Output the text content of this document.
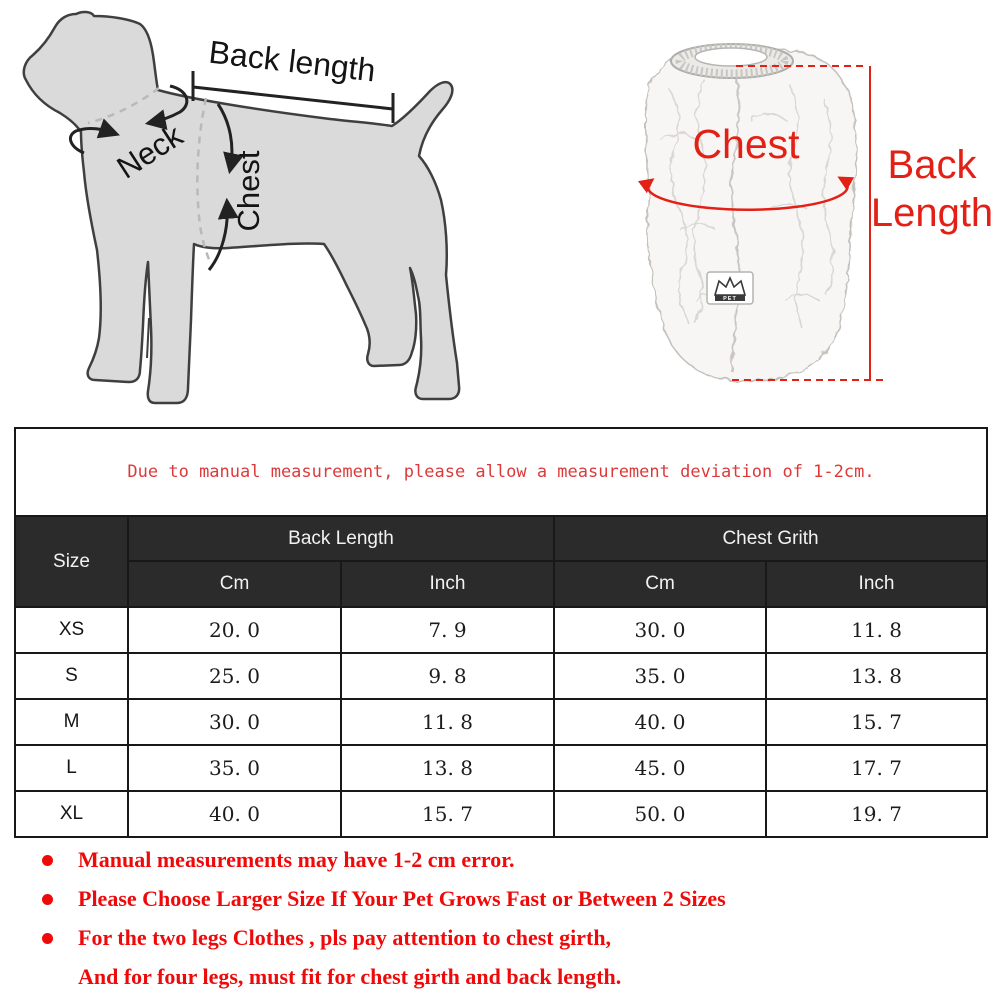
Back length
Neck Chest
PET
Chest Back
Length
Due to manual measurement, please allow a measurement deviation of 1-2cm.				
Size	Back Length		Chest Grith	
	Cm	Inch	Cm	Inch
XS	20. 0	7. 9	30. 0	11. 8
S	25. 0	9. 8	35. 0	13. 8
M	30. 0	11. 8	40. 0	15. 7
L	35. 0	13. 8	45. 0	17. 7
XL	40. 0	15. 7	50. 0	19. 7
Manual measurements may have 1-2 cm error.
Please Choose Larger Size If Your Pet Grows Fast or Between 2 Sizes
For the two legs Clothes , pls pay attention to chest girth,
And for four legs, must fit for chest girth and back length.
